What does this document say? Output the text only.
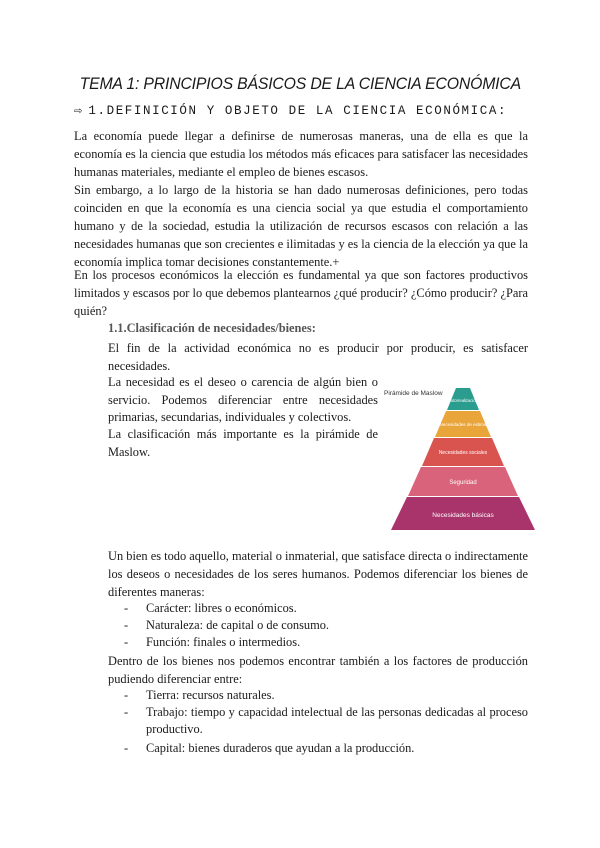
TEMA 1: PRINCIPIOS BÁSICOS DE LA CIENCIA ECONÓMICA
⇨ 1.DEFINICIÓN Y OBJETO DE LA CIENCIA ECONÓMICA:
La economía puede llegar a definirse de numerosas maneras, una de ella es que la economía es la ciencia que estudia los métodos más eficaces para satisfacer las necesidades humanas materiales, mediante el empleo de bienes escasos.
Sin embargo, a lo largo de la historia se han dado numerosas definiciones, pero todas coinciden en que la economía es una ciencia social ya que estudia el comportamiento humano y de la sociedad, estudia la utilización de recursos escasos con relación a las necesidades humanas que son crecientes e ilimitadas y es la ciencia de la elección ya que la economía implica tomar decisiones constantemente.+
En los procesos económicos la elección es fundamental ya que son factores productivos limitados y escasos por lo que debemos plantearnos ¿qué producir? ¿Cómo producir? ¿Para quién?
1.1.Clasificación de necesidades/bienes:
El fin de la actividad económica no es producir por producir, es satisfacer necesidades.
La necesidad es el deseo o carencia de algún bien o servicio. Podemos diferenciar entre necesidades primarias, secundarias, individuales y colectivos.
La clasificación más importante es la pirámide de Maslow.
Pirámide de Maslow
Autorrealización
Necesidades de estima
Necesidades sociales
Seguridad
Necesidades básicas
Un bien es todo aquello, material o inmaterial, que satisface directa o indirectamente los deseos o necesidades de los seres humanos. Podemos diferenciar los bienes de diferentes maneras:
- Carácter: libres o económicos.
- Naturaleza: de capital o de consumo.
- Función: finales o intermedios.
Dentro de los bienes nos podemos encontrar también a los factores de producción pudiendo diferenciar entre:
- Tierra: recursos naturales.
- Trabajo: tiempo y capacidad intelectual de las personas dedicadas al proceso productivo.
- Capital: bienes duraderos que ayudan a la producción.
